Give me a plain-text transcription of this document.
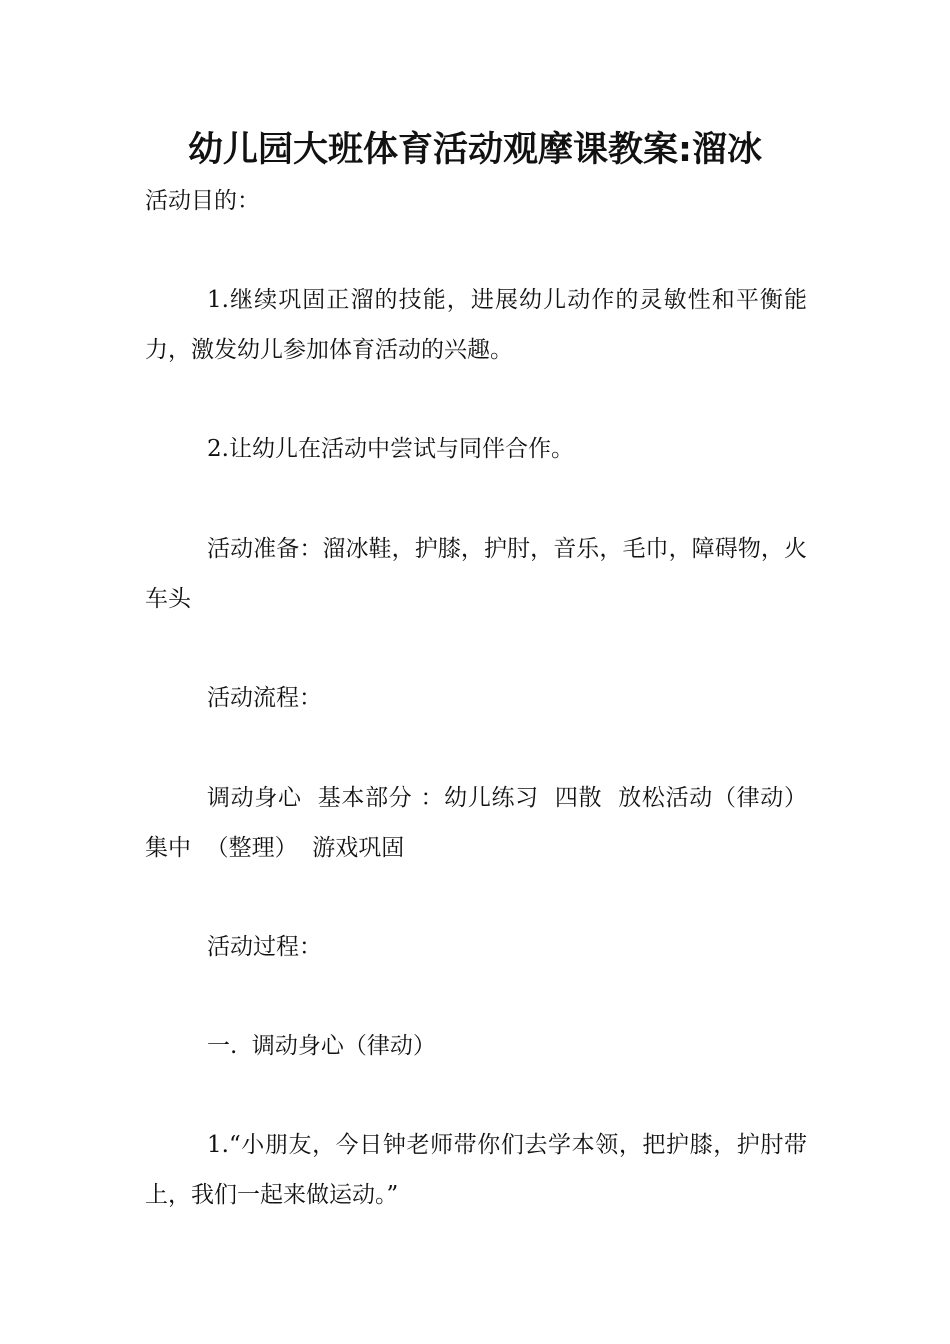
幼儿园大班体育活动观摩课教案:溜冰

活动目的：

1.继续巩固正溜的技能，进展幼儿动作的灵敏性和平衡能力，激发幼儿参加体育活动的兴趣。

2.让幼儿在活动中尝试与同伴合作。

活动准备：溜冰鞋，护膝，护肘，音乐，毛巾，障碍物，火车头

活动流程：

调动身心  基本部分 ：幼儿练习  四散  放松活动（律动）集中  （整理）  游戏巩固

活动过程：

一.  调动身心（律动）

1.“小朋友，今日钟老师带你们去学本领，把护膝，护肘带上，我们一起来做运动。”
